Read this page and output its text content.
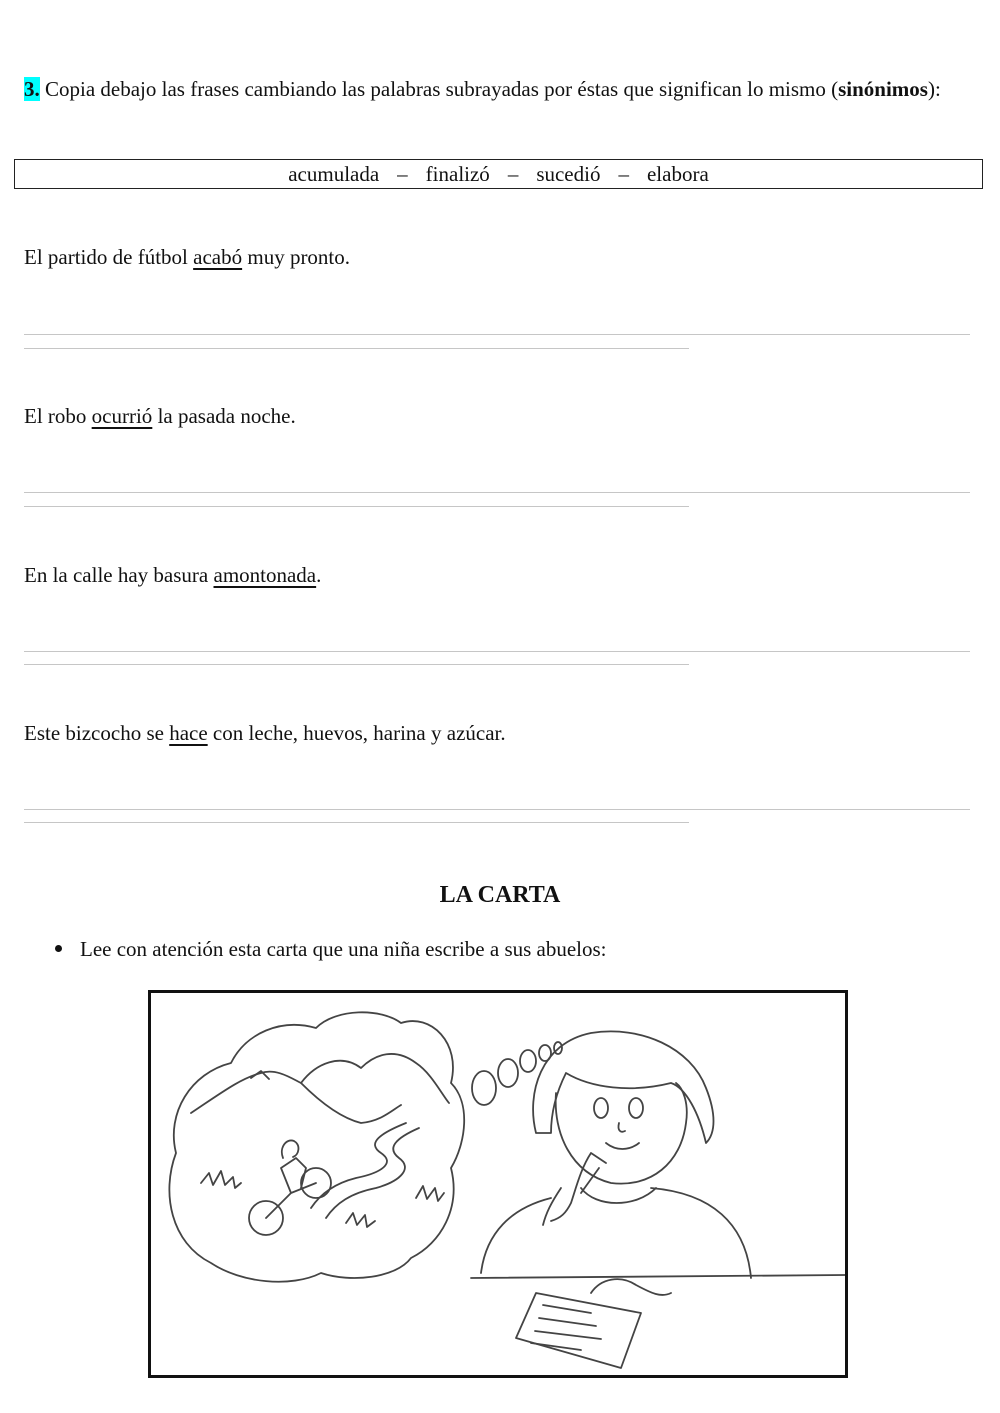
3. Copia debajo las frases cambiando las palabras subrayadas por éstas que significan lo mismo (sinónimos):
acumulada – finalizó – sucedió – elabora
El partido de fútbol acabó muy pronto.
El robo ocurrió la pasada noche.
En la calle hay basura amontonada.
Este bizcocho se hace con leche, huevos, harina y azúcar.
LA CARTA
Lee con atención esta carta que una niña escribe a sus abuelos:
